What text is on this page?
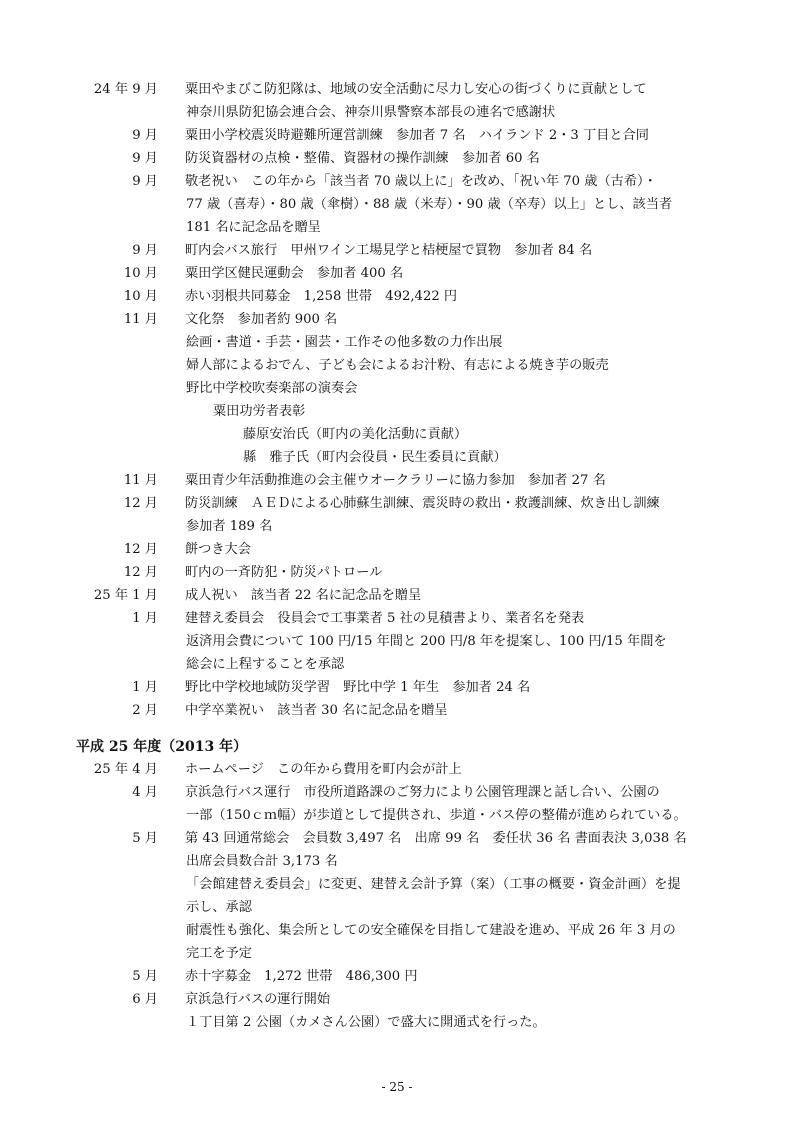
24 年 9 月 粟田やまびこ防犯隊は、地域の安全活動に尽力し安心の街づくりに貢献として
神奈川県防犯協会連合会、神奈川県警察本部長の連名で感謝状
9 月 粟田小学校震災時避難所運営訓練　参加者 7 名　ハイランド 2・3 丁目と合同
9 月 防災資器材の点検・整備、資器材の操作訓練　参加者 60 名
9 月 敬老祝い　この年から「該当者 70 歳以上に」を改め、「祝い年 70 歳（古希）・
77 歳（喜寿）・80 歳（傘樹）・88 歳（米寿）・90 歳（卒寿）以上」とし、該当者
181 名に記念品を贈呈
9 月 町内会バス旅行　甲州ワイン工場見学と桔梗屋で買物　参加者 84 名
10 月 粟田学区健民運動会　参加者 400 名
10 月 赤い羽根共同募金　1,258 世帯　492,422 円
11 月 文化祭　参加者約 900 名
絵画・書道・手芸・園芸・工作その他多数の力作出展
婦人部によるおでん、子ども会によるお汁粉、有志による焼き芋の販売
野比中学校吹奏楽部の演奏会
粟田功労者表彰
藤原安治氏（町内の美化活動に貢献）
縣　雅子氏（町内会役員・民生委員に貢献）
11 月 粟田青少年活動推進の会主催ウオークラリーに協力参加　参加者 27 名
12 月 防災訓練　ＡＥＤによる心肺蘇生訓練、震災時の救出・救護訓練、炊き出し訓練
参加者 189 名
12 月 餅つき大会
12 月 町内の一斉防犯・防災パトロール
25 年 1 月 成人祝い　該当者 22 名に記念品を贈呈
1 月 建替え委員会　役員会で工事業者 5 社の見積書より、業者名を発表
返済用会費について 100 円/15 年間と 200 円/8 年を提案し、100 円/15 年間を
総会に上程することを承認
1 月 野比中学校地域防災学習　野比中学 1 年生　参加者 24 名
2 月 中学卒業祝い　該当者 30 名に記念品を贈呈
平成 25 年度（2013 年）
25 年 4 月 ホームページ　この年から費用を町内会が計上
4 月 京浜急行バス運行　市役所道路課のご努力により公園管理課と話し合い、公園の
一部（150ｃｍ幅）が歩道として提供され、歩道・バス停の整備が進められている。
5 月 第 43 回通常総会　会員数 3,497 名　出席 99 名　委任状 36 名 書面表決 3,038 名
出席会員数合計 3,173 名
「会館建替え委員会」に変更、建替え会計予算（案）（工事の概要・資金計画）を提
示し、承認
耐震性も強化、集会所としての安全確保を目指して建設を進め、平成 26 年 3 月の
完工を予定
5 月 赤十字募金　1,272 世帯　486,300 円
6 月 京浜急行バスの運行開始
１丁目第 2 公園（カメさん公園）で盛大に開通式を行った。
- 25 -
